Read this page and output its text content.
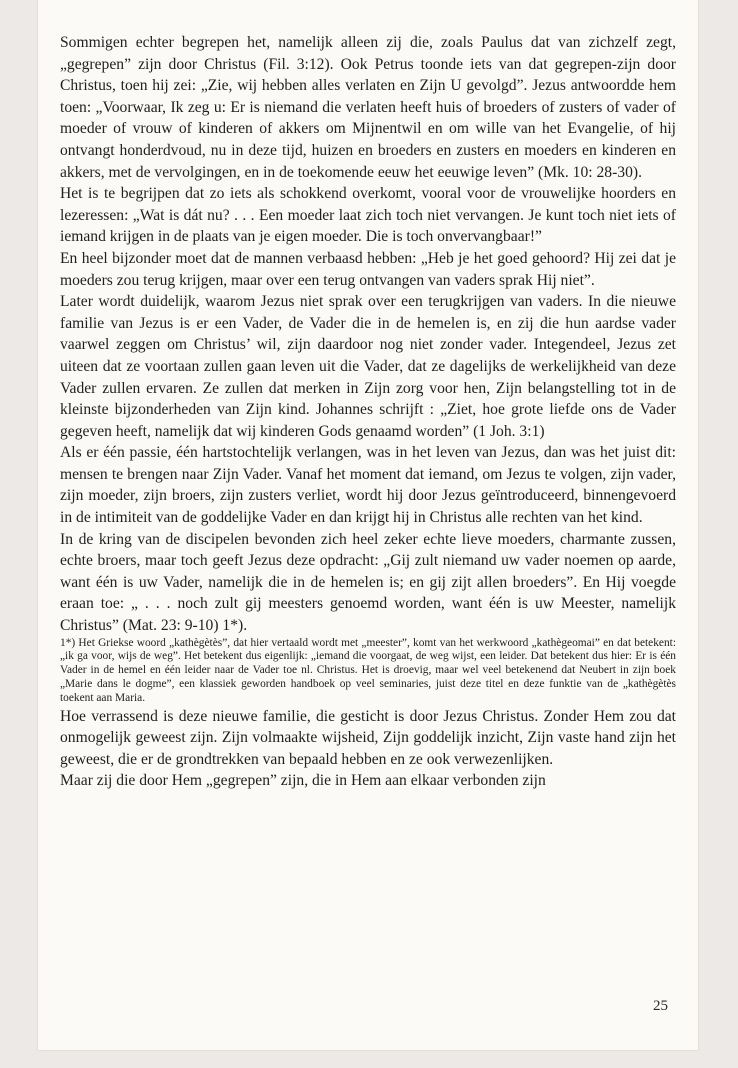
Sommigen echter begrepen het, namelijk alleen zij die, zoals Paulus dat van zichzelf zegt, „gegrepen” zijn door Christus (Fil. 3:12). Ook Petrus toonde iets van dat gegrepen-zijn door Christus, toen hij zei: „Zie, wij hebben alles verlaten en Zijn U gevolgd”. Jezus antwoordde hem toen: „Voorwaar, Ik zeg u: Er is niemand die verlaten heeft huis of broeders of zusters of vader of moeder of vrouw of kinderen of akkers om Mijnentwil en om wille van het Evangelie, of hij ontvangt honderdvoud, nu in deze tijd, huizen en broeders en zusters en moeders en kinderen en akkers, met de vervolgingen, en in de toekomende eeuw het eeuwige leven” (Mk. 10: 28-30).

Het is te begrijpen dat zo iets als schokkend overkomt, vooral voor de vrouwelijke hoorders en lezeressen: „Wat is dát nu? . . . Een moeder laat zich toch niet vervangen. Je kunt toch niet iets of iemand krijgen in de plaats van je eigen moeder. Die is toch onvervangbaar!”

En heel bijzonder moet dat de mannen verbaasd hebben: „Heb je het goed gehoord? Hij zei dat je moeders zou terug krijgen, maar over een terug ontvangen van vaders sprak Hij niet”.

Later wordt duidelijk, waarom Jezus niet sprak over een terugkrijgen van vaders. In die nieuwe familie van Jezus is er een Vader, de Vader die in de hemelen is, en zij die hun aardse vader vaarwel zeggen om Christus’ wil, zijn daardoor nog niet zonder vader. Integendeel, Jezus zet uiteen dat ze voortaan zullen gaan leven uit die Vader, dat ze dagelijks de werkelijkheid van deze Vader zullen ervaren. Ze zullen dat merken in Zijn zorg voor hen, Zijn belangstelling tot in de kleinste bijzonderheden van Zijn kind. Johannes schrijft : „Ziet, hoe grote liefde ons de Vader gegeven heeft, namelijk dat wij kinderen Gods genaamd worden” (1 Joh. 3:1)

Als er één passie, één hartstochtelijk verlangen, was in het leven van Jezus, dan was het juist dit: mensen te brengen naar Zijn Vader. Vanaf het moment dat iemand, om Jezus te volgen, zijn vader, zijn moeder, zijn broers, zijn zusters verliet, wordt hij door Jezus geïntroduceerd, binnengevoerd in de intimiteit van de goddelijke Vader en dan krijgt hij in Christus alle rechten van het kind.

In de kring van de discipelen bevonden zich heel zeker echte lieve moeders, charmante zussen, echte broers, maar toch geeft Jezus deze opdracht: „Gij zult niemand uw vader noemen op aarde, want één is uw Vader, namelijk die in de hemelen is; en gij zijt allen broeders”. En Hij voegde eraan toe: „ . . . noch zult gij meesters genoemd worden, want één is uw Meester, namelijk Christus” (Mat. 23: 9-10) 1*).

1*) Het Griekse woord „kathègètès”, dat hier vertaald wordt met „meester”, komt van het werkwoord „kathègeomai” en dat betekent: „ik ga voor, wijs de weg”. Het betekent dus eigenlijk: „iemand die voorgaat, de weg wijst, een leider. Dat betekent dus hier: Er is één Vader in de hemel en één leider naar de Vader toe nl. Christus. Het is droevig, maar wel veel betekenend dat Neubert in zijn boek „Marie dans le dogme”, een klassiek geworden handboek op veel seminaries, juist deze titel en deze funktie van de „kathègètès toekent aan Maria.

Hoe verrassend is deze nieuwe familie, die gesticht is door Jezus Christus. Zonder Hem zou dat onmogelijk geweest zijn. Zijn volmaakte wijsheid, Zijn goddelijk inzicht, Zijn vaste hand zijn het geweest, die er de grondtrekken van bepaald hebben en ze ook verwezenlijken.

Maar zij die door Hem „gegrepen” zijn, die in Hem aan elkaar verbonden zijn

25
